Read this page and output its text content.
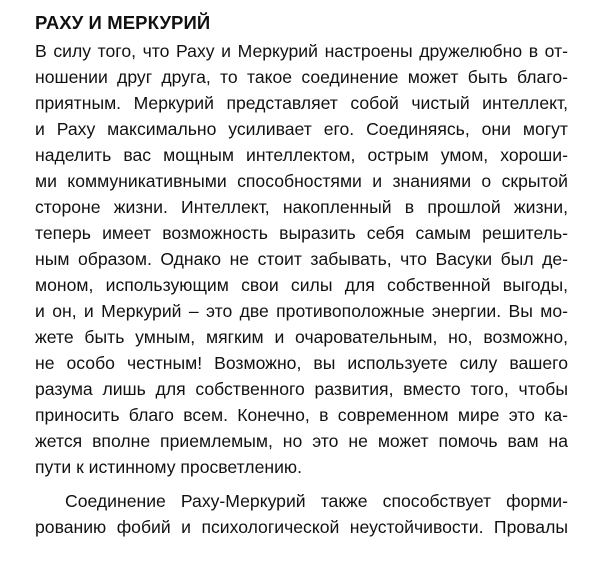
РАХУ И МЕРКУРИЙ

В силу того, что Раху и Меркурий настроены дружелюбно в от-

ношении друг друга, то такое соединение может быть благо-

приятным. Меркурий представляет собой чистый интеллект,

и Раху максимально усиливает его. Соединяясь, они могут

наделить вас мощным интеллектом, острым умом, хороши-

ми коммуникативными способностями и знаниями о скрытой

стороне жизни. Интеллект, накопленный в прошлой жизни,

теперь имеет возможность выразить себя самым решитель-

ным образом. Однако не стоит забывать, что Васуки был де-

моном, использующим свои силы для собственной выгоды,

и он, и Меркурий – это две противоположные энергии. Вы мо-

жете быть умным, мягким и очаровательным, но, возможно,

не особо честным! Возможно, вы используете силу вашего

разума лишь для собственного развития, вместо того, чтобы

приносить благо всем. Конечно, в современном мире это ка-

жется вполне приемлемым, но это не может помочь вам на

пути к истинному просветлению.

Соединение Раху-Меркурий также способствует форми-

рованию фобий и психологической неустойчивости. Провалы
